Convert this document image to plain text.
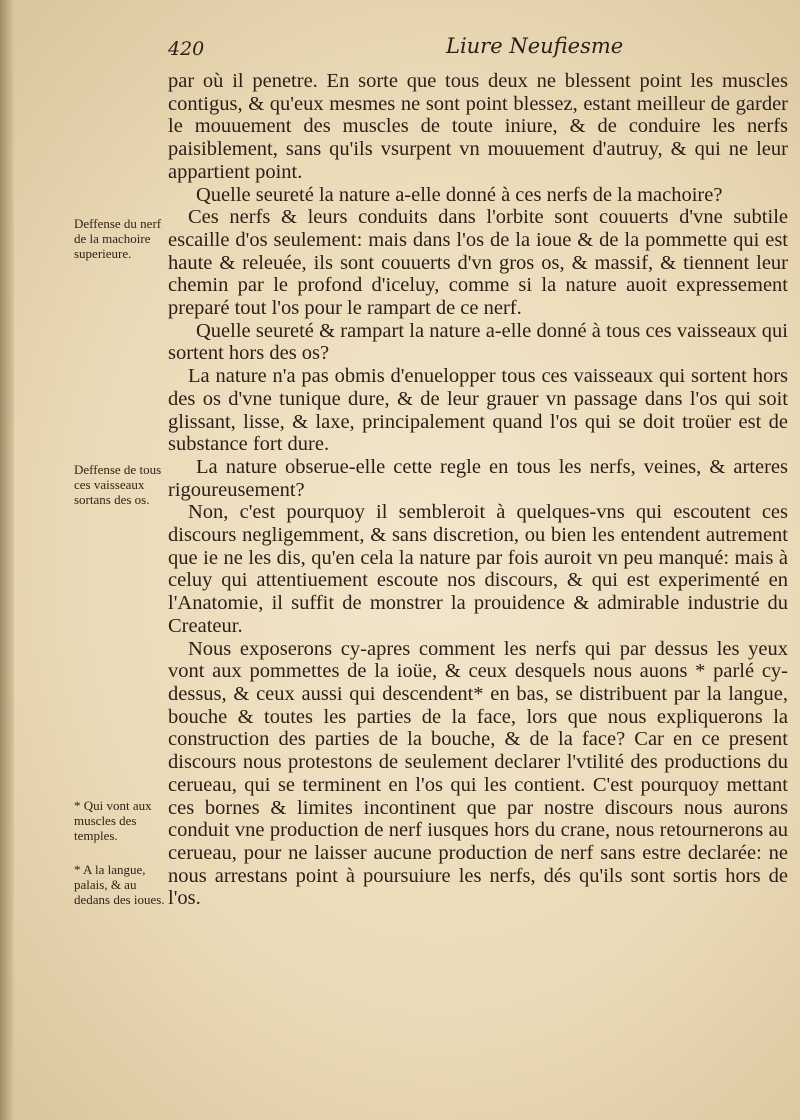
420	Liure Neufiesme
Deffense du nerf de la machoire superieure.
Deffense de tous ces vaisseaux sortans des os.
* Qui vont aux muscles des temples.
* A la langue, palais, & au dedans des ioues.

par où il penetre. En sorte que tous deux ne blessent point les muscles contigus, & qu'eux mesmes ne sont point blessez, estant meilleur de garder le mouuement des muscles de toute iniure, & de conduire les nerfs paisiblement, sans qu'ils vsurpent vn mouuement d'autruy, & qui ne leur appartient point.

Quelle seureté la nature a-elle donné à ces nerfs de la machoire?

Ces nerfs & leurs conduits dans l'orbite sont couuerts d'vne subtile escaille d'os seulement: mais dans l'os de la ioue & de la pommette qui est haute & releuée, ils sont couuerts d'vn gros os, & massif, & tiennent leur chemin par le profond d'iceluy, comme si la nature auoit expressement preparé tout l'os pour le rampart de ce nerf.

Quelle seureté & rampart la nature a-elle donné à tous ces vaisseaux qui sortent hors des os?

La nature n'a pas obmis d'enuelopper tous ces vaisseaux qui sortent hors des os d'vne tunique dure, & de leur grauer vn passage dans l'os qui soit glissant, lisse, & laxe, principalement quand l'os qui se doit troüer est de substance fort dure.

La nature obserue-elle cette regle en tous les nerfs, veines, & arteres rigoureusement?

Non, c'est pourquoy il sembleroit à quelques-vns qui escoutent ces discours negligemment, & sans discretion, ou bien les entendent autrement que ie ne les dis, qu'en cela la nature par fois auroit vn peu manqué: mais à celuy qui attentiuement escoute nos discours, & qui est experimenté en l'Anatomie, il suffit de monstrer la prouidence & admirable industrie du Createur.

Nous exposerons cy-apres comment les nerfs qui par dessus les yeux vont aux pommettes de la ioüe, & ceux desquels nous auons * parlé cy-dessus, & ceux aussi qui descendent* en bas, se distribuent par la langue, bouche & toutes les parties de la face, lors que nous expliquerons la construction des parties de la bouche, & de la face? Car en ce present discours nous protestons de seulement declarer l'vtilité des productions du cerueau, qui se terminent en l'os qui les contient. C'est pourquoy mettant ces bornes & limites incontinent que par nostre discours nous aurons conduit vne production de nerf iusques hors du crane, nous retournerons au cerueau, pour ne laisser aucune production de nerf sans estre declarée: ne nous arrestans point à poursuiure les nerfs, dés qu'ils sont sortis hors de l'os.
